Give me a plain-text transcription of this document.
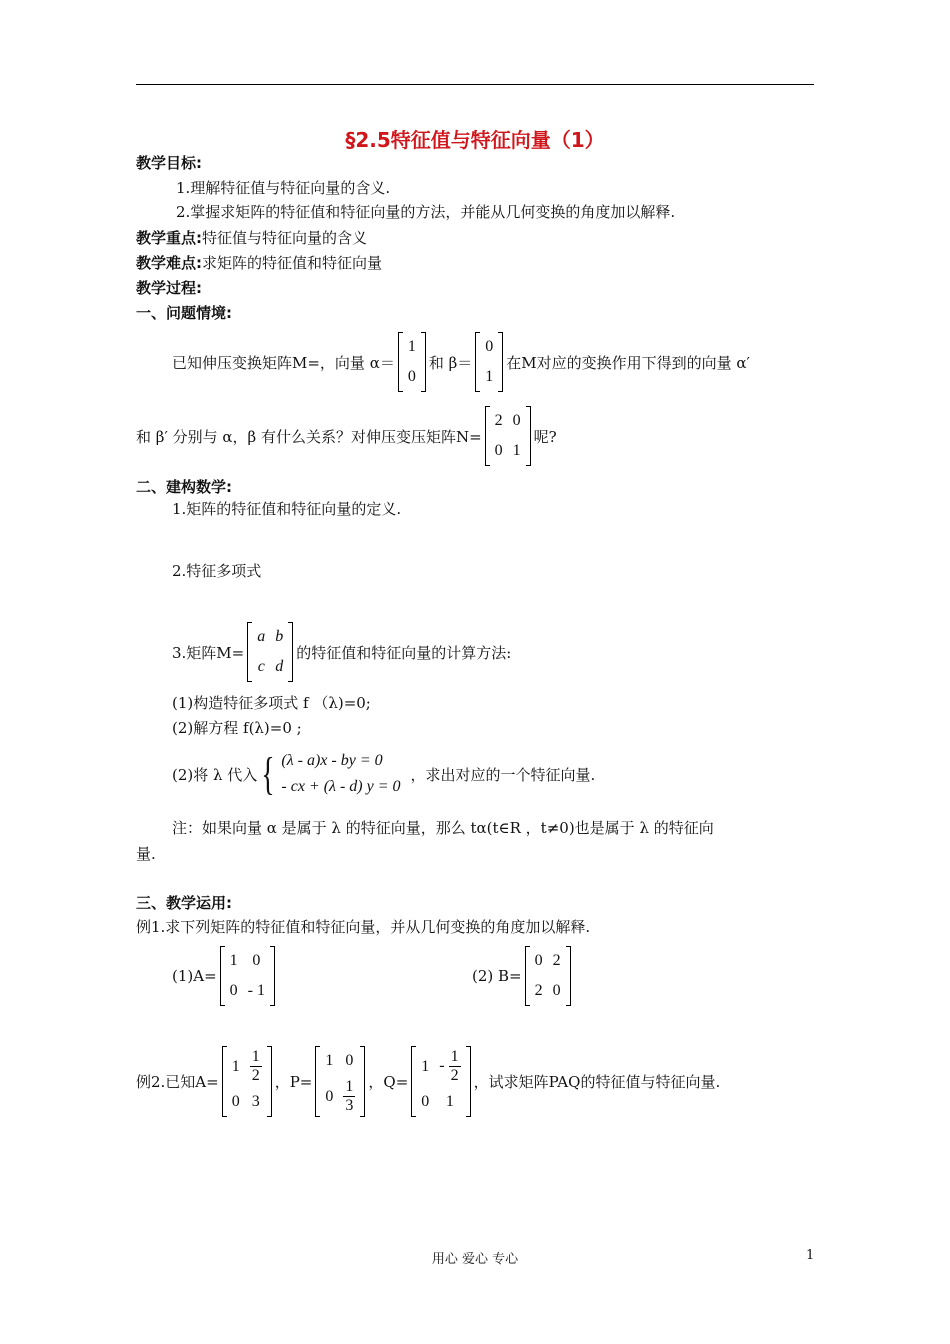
§2.5特征值与特征向量（1）
教学目标:
1.理解特征值与特征向量的含义.
2.掌握求矩阵的特征值和特征向量的方法，并能从几何变换的角度加以解释.
教学重点:特征值与特征向量的含义
教学难点:求矩阵的特征值和特征向量
教学过程:
一、问题情境:
已知伸压变换矩阵M=，向量 α＝
1
0
和 β＝
0
1
在M对应的变换作用下得到的向量 α′
和 β′ 分别与 α，β 有什么关系？对伸压变压矩阵N=
2	0
0	1
呢?
二、建构数学:
1.矩阵的特征值和特征向量的定义.
2.特征多项式
3.矩阵M=
a	b
c	d
的特征值和特征向量的计算方法:
(1)构造特征多项式 f （λ)=0;
(2)解方程 f(λ)=0 ;
(2)将 λ 代入 { (λ - a)x - by = 0
- cx + (λ - d) y = 0
，求出对应的一个特征向量.
注：如果向量 α 是属于 λ 的特征向量，那么 tα(t∈R ，t≠0)也是属于 λ 的特征向
量.
三、教学运用:
例1.求下列矩阵的特征值和特征向量，并从几何变换的角度加以解释.
(1)A=
1	0
0	- 1
(2) B=
0	2
2	0
例2.已知A=
1	$\frac{1}{2}$

0	3
，P=
1	0
0	$\frac{1}{3}$ ，Q=
1	- $\frac{1}{2}$

0	1
，试求矩阵PAQ的特征值与特征向量.
用心 爱心 专心	1
